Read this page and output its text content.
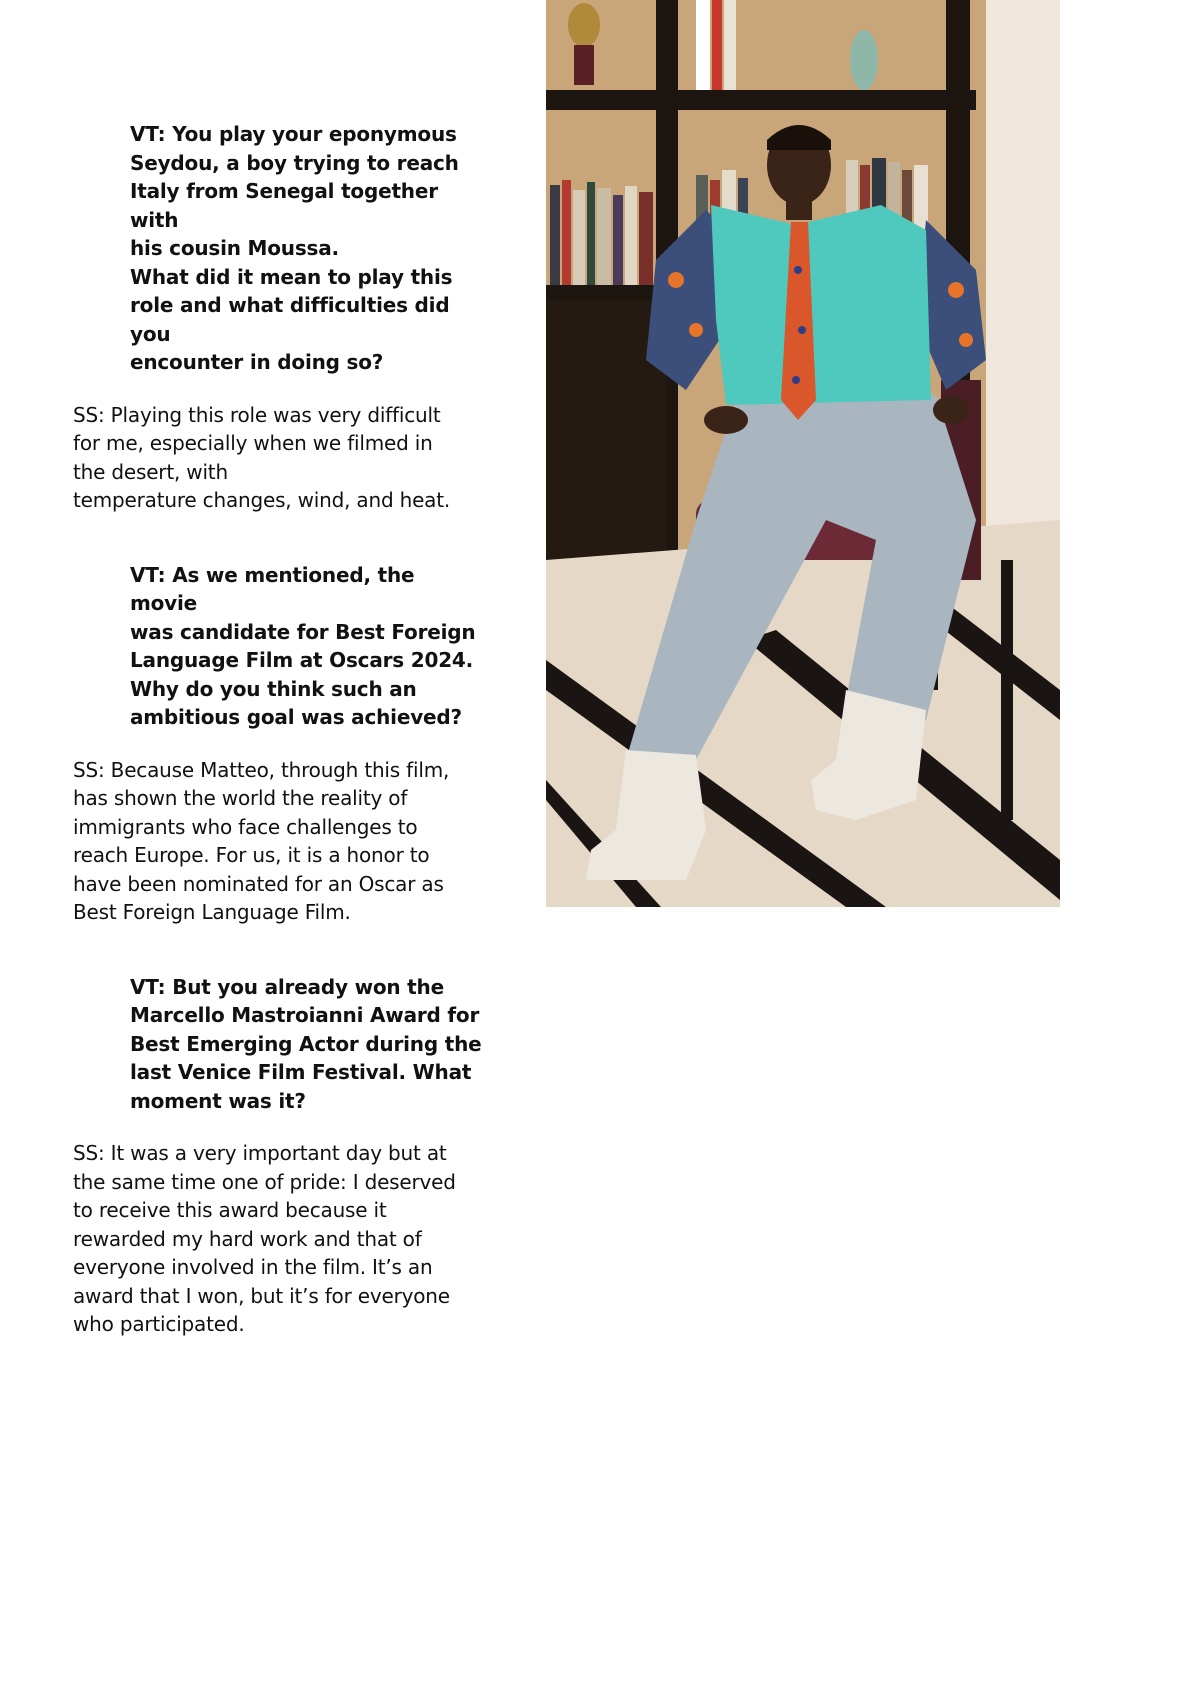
VT: You play your eponymous
Seydou, a boy trying to reach
Italy from Senegal together with
his cousin Moussa.
What did it mean to play this
role and what difficulties did you
encounter in doing so?

SS: Playing this role was very difficult
for me, especially when we filmed in
the desert, with
temperature changes, wind, and heat.

VT: As we mentioned, the movie
was candidate for Best Foreign
Language Film at Oscars 2024.
Why do you think such an
ambitious goal was achieved?

SS: Because Matteo, through this film,
has shown the world the reality of
immigrants who face challenges to
reach Europe. For us, it is a honor to
have been nominated for an Oscar as
Best Foreign Language Film.

VT: But you already won the
Marcello Mastroianni Award for
Best Emerging Actor during the
last Venice Film Festival. What
moment was it?

SS: It was a very important day but at
the same time one of pride: I deserved
to receive this award because it
rewarded my hard work and that of
everyone involved in the film. It’s an
award that I won, but it’s for everyone
who participated.
